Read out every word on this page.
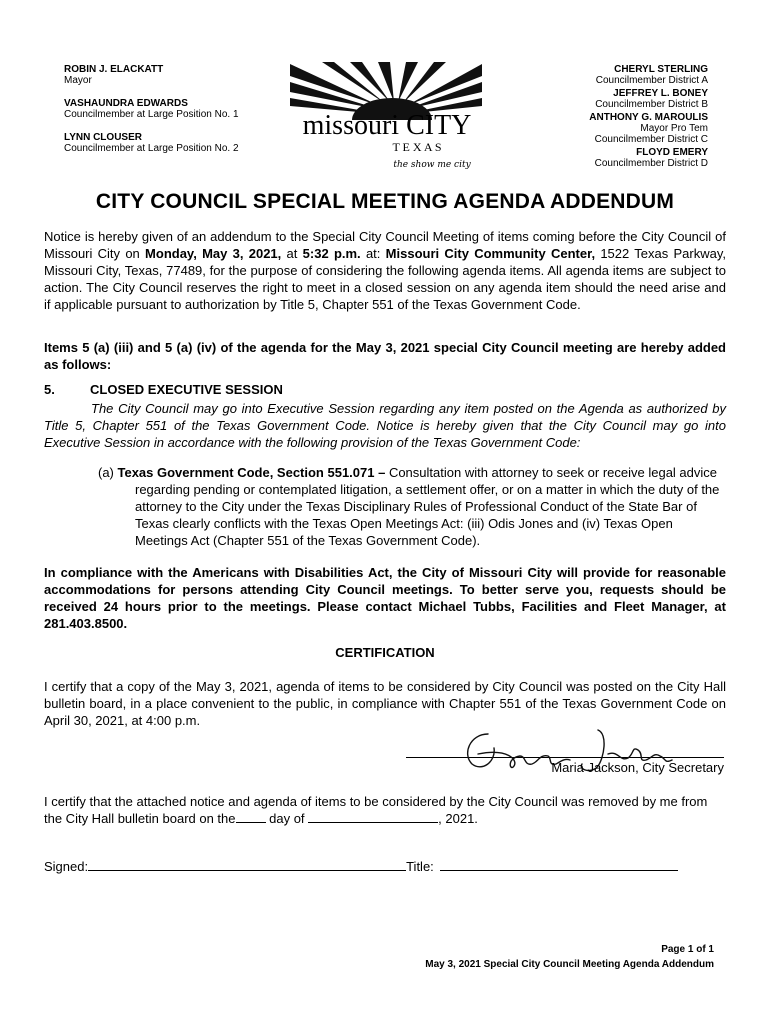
ROBIN J. ELACKATT
Mayor
VASHAUNDRA EDWARDS
Councilmember at Large Position No. 1
LYNN CLOUSER
Councilmember at Large Position No. 2
missouri CITY
T E X A S
the show me city
CHERYL STERLING
Councilmember District A
JEFFREY L. BONEY
Councilmember District B
ANTHONY G. MAROULIS
Mayor Pro Tem
Councilmember District C
FLOYD EMERY
Councilmember District D
CITY COUNCIL SPECIAL MEETING AGENDA ADDENDUM
Notice is hereby given of an addendum to the Special City Council Meeting of items coming before the City Council of Missouri City on Monday, May 3, 2021, at 5:32 p.m. at: Missouri City Community Center, 1522 Texas Parkway, Missouri City, Texas, 77489, for the purpose of considering the following agenda items. All agenda items are subject to action. The City Council reserves the right to meet in a closed session on any agenda item should the need arise and if applicable pursuant to authorization by Title 5, Chapter 551 of the Texas Government Code.
Items 5 (a) (iii) and 5 (a) (iv) of the agenda for the May 3, 2021 special City Council meeting are hereby added as follows:
5.	CLOSED EXECUTIVE SESSION
The City Council may go into Executive Session regarding any item posted on the Agenda as authorized by Title 5, Chapter 551 of the Texas Government Code. Notice is hereby given that the City Council may go into Executive Session in accordance with the following provision of the Texas Government Code:
(a) Texas Government Code, Section 551.071 – Consultation with attorney to seek or receive legal advice regarding pending or contemplated litigation, a settlement offer, or on a matter in which the duty of the attorney to the City under the Texas Disciplinary Rules of Professional Conduct of the State Bar of Texas clearly conflicts with the Texas Open Meetings Act: (iii) Odis Jones and (iv) Texas Open Meetings Act (Chapter 551 of the Texas Government Code).
In compliance with the Americans with Disabilities Act, the City of Missouri City will provide for reasonable accommodations for persons attending City Council meetings. To better serve you, requests should be received 24 hours prior to the meetings. Please contact Michael Tubbs, Facilities and Fleet Manager, at 281.403.8500.
CERTIFICATION
I certify that a copy of the May 3, 2021, agenda of items to be considered by City Council was posted on the City Hall bulletin board, in a place convenient to the public, in compliance with Chapter 551 of the Texas Government Code on April 30, 2021, at 4:00 p.m.
Maria Jackson, City Secretary
I certify that the attached notice and agenda of items to be considered by the City Council was removed by me from the City Hall bulletin board on the day of	, 2021.
Signed:	Title:
Page 1 of 1
May 3, 2021 Special City Council Meeting Agenda Addendum
